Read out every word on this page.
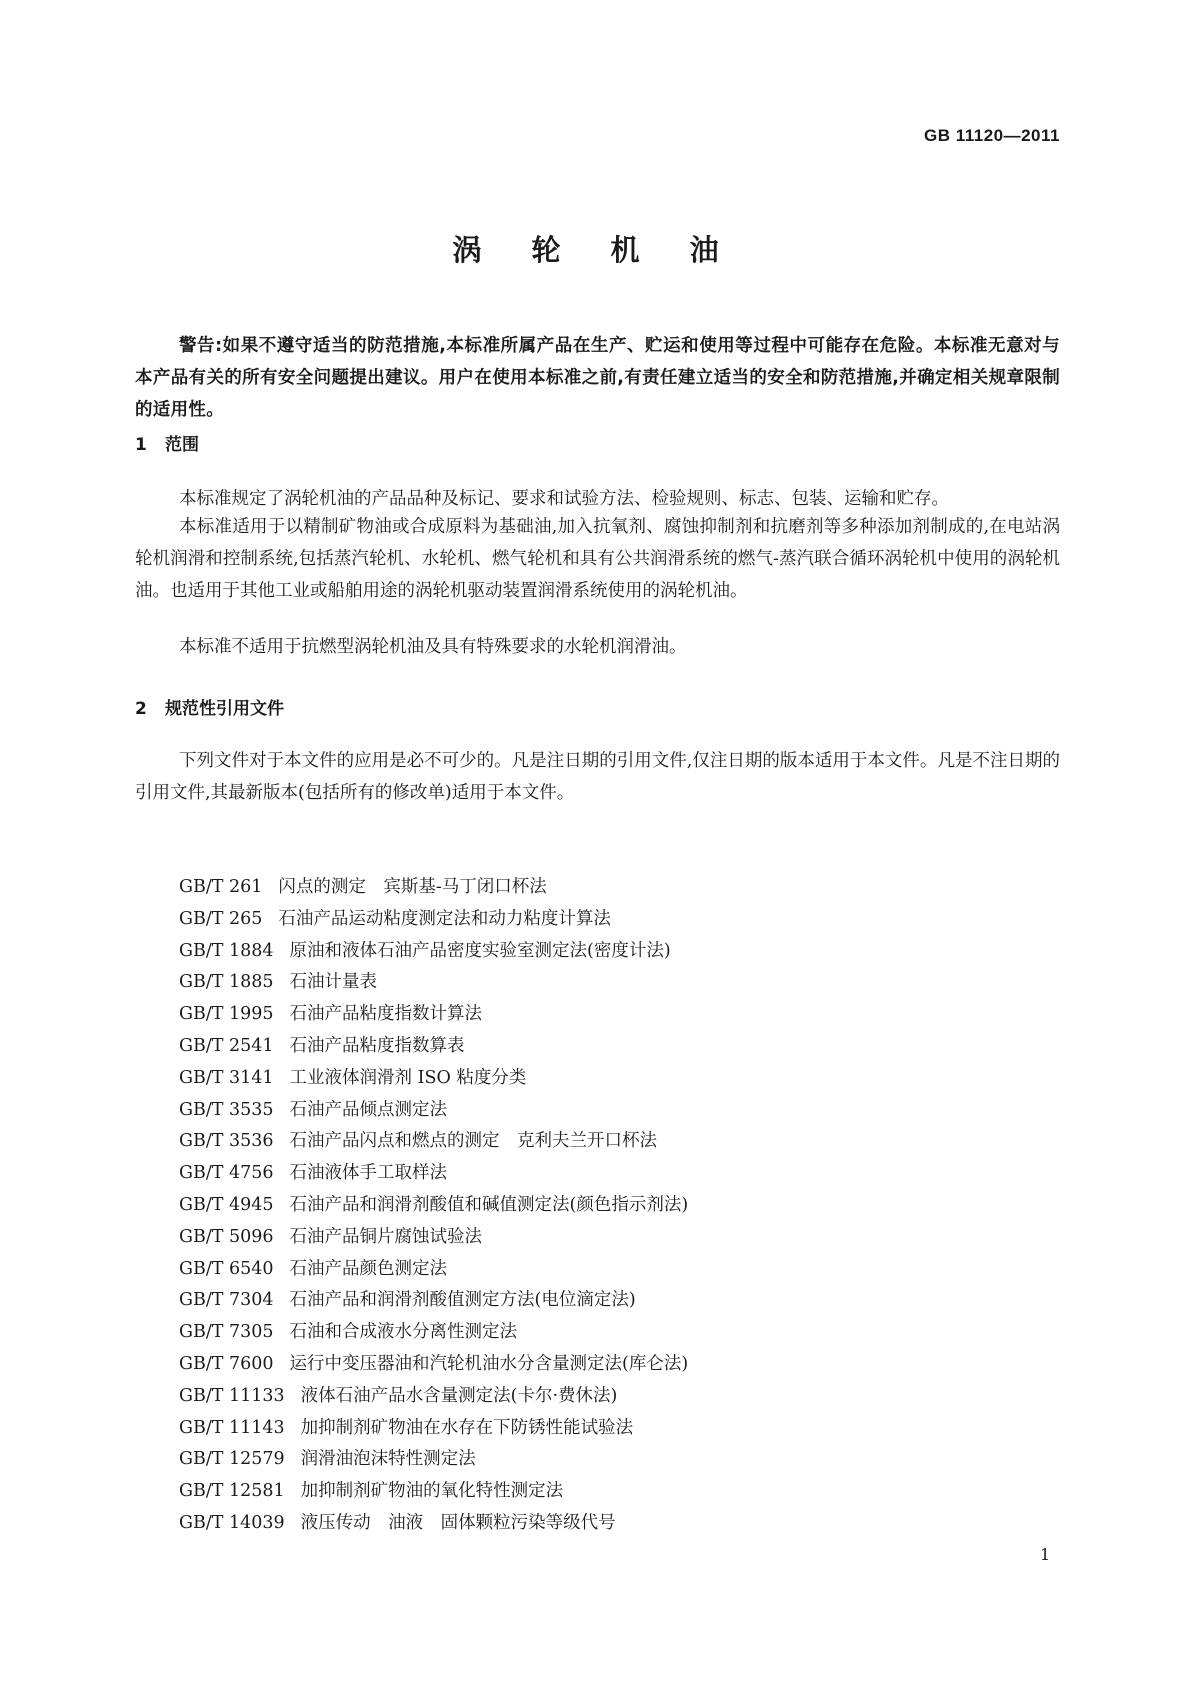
GB 11120—2011
涡 轮 机 油
警告:如果不遵守适当的防范措施,本标准所属产品在生产、贮运和使用等过程中可能存在危险。本标准无意对与本产品有关的所有安全问题提出建议。用户在使用本标准之前,有责任建立适当的安全和防范措施,并确定相关规章限制的适用性。
1 范围

本标准规定了涡轮机油的产品品种及标记、要求和试验方法、检验规则、标志、包装、运输和贮存。

本标准适用于以精制矿物油或合成原料为基础油,加入抗氧剂、腐蚀抑制剂和抗磨剂等多种添加剂制成的,在电站涡轮机润滑和控制系统,包括蒸汽轮机、水轮机、燃气轮机和具有公共润滑系统的燃气-蒸汽联合循环涡轮机中使用的涡轮机油。也适用于其他工业或船舶用途的涡轮机驱动装置润滑系统使用的涡轮机油。

本标准不适用于抗燃型涡轮机油及具有特殊要求的水轮机润滑油。

2 规范性引用文件

下列文件对于本文件的应用是必不可少的。凡是注日期的引用文件,仅注日期的版本适用于本文件。凡是不注日期的引用文件,其最新版本(包括所有的修改单)适用于本文件。

GB/T 261 闪点的测定　宾斯基-马丁闭口杯法
GB/T 265 石油产品运动粘度测定法和动力粘度计算法
GB/T 1884 原油和液体石油产品密度实验室测定法(密度计法)
GB/T 1885 石油计量表
GB/T 1995 石油产品粘度指数计算法
GB/T 2541 石油产品粘度指数算表
GB/T 3141 工业液体润滑剂 ISO 粘度分类
GB/T 3535 石油产品倾点测定法
GB/T 3536 石油产品闪点和燃点的测定　克利夫兰开口杯法
GB/T 4756 石油液体手工取样法
GB/T 4945 石油产品和润滑剂酸值和碱值测定法(颜色指示剂法)
GB/T 5096 石油产品铜片腐蚀试验法
GB/T 6540 石油产品颜色测定法
GB/T 7304 石油产品和润滑剂酸值测定方法(电位滴定法)
GB/T 7305 石油和合成液水分离性测定法
GB/T 7600 运行中变压器油和汽轮机油水分含量测定法(库仑法)
GB/T 11133 液体石油产品水含量测定法(卡尔·费休法)
GB/T 11143 加抑制剂矿物油在水存在下防锈性能试验法
GB/T 12579 润滑油泡沫特性测定法
GB/T 12581 加抑制剂矿物油的氧化特性测定法
GB/T 14039 液压传动　油液　固体颗粒污染等级代号
1
